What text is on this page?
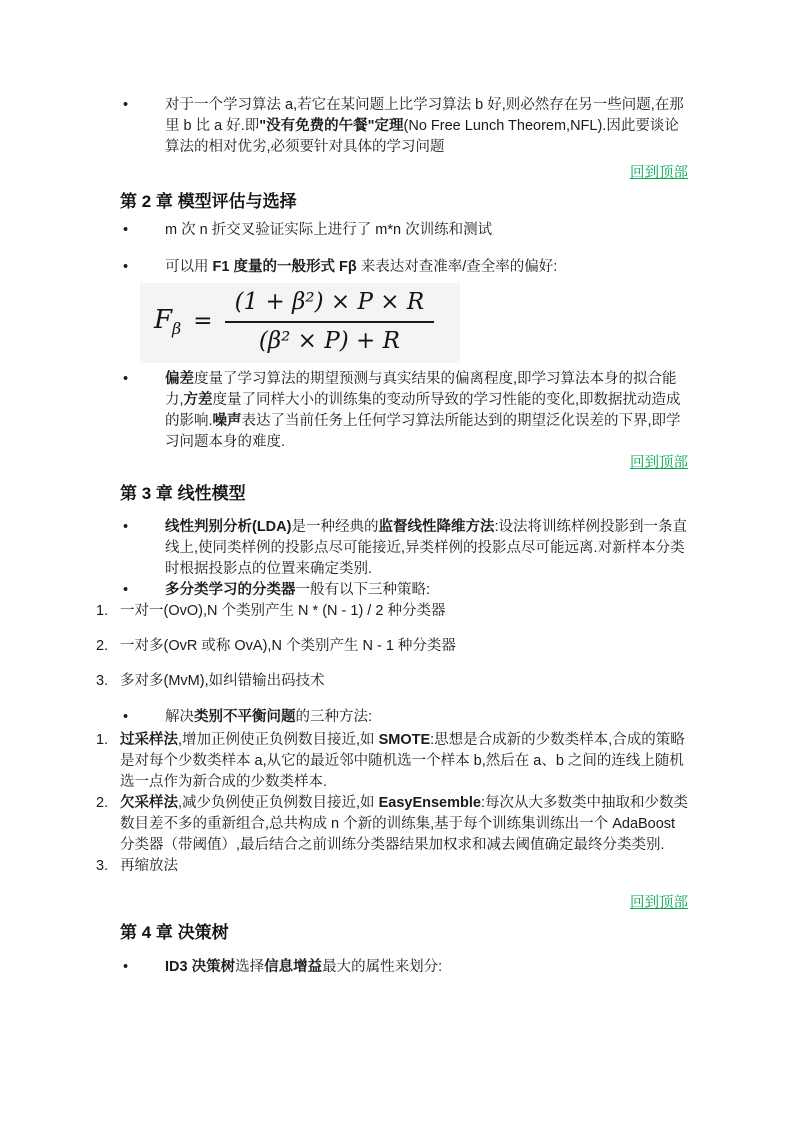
•	对于一个学习算法 a,若它在某问题上比学习算法 b 好,则必然存在另一些问题,在那里 b 比 a 好.即"没有免费的午餐"定理(No Free Lunch Theorem,NFL).因此要谈论算法的相对优劣,必须要针对具体的学习问题
回到顶部
第 2 章 模型评估与选择
•	m 次 n 折交叉验证实际上进行了 m*n 次训练和测试
•	可以用 F1 度量的一般形式 Fβ 来表达对查准率/查全率的偏好:
$F_\beta = \frac{\text{(1 + β²) × P × R}}{\text{(β² × P) + R}}$
•	偏差度量了学习算法的期望预测与真实结果的偏离程度,即学习算法本身的拟合能力,方差度量了同样大小的训练集的变动所导致的学习性能的变化,即数据扰动造成的影响.噪声表达了当前任务上任何学习算法所能达到的期望泛化误差的下界,即学习问题本身的难度.
回到顶部
第 3 章 线性模型
•	线性判别分析(LDA)是一种经典的监督线性降维方法:设法将训练样例投影到一条直线上,使同类样例的投影点尽可能接近,异类样例的投影点尽可能远离.对新样本分类时根据投影点的位置来确定类别.
•	多分类学习的分类器一般有以下三种策略:
1. 一对一(OvO),N 个类别产生 N * (N - 1) / 2 种分类器
2. 一对多(OvR 或称 OvA),N 个类别产生 N - 1 种分类器
3. 多对多(MvM),如纠错输出码技术
•	解决类别不平衡问题的三种方法:
1. 过采样法,增加正例使正负例数目接近,如 SMOTE:思想是合成新的少数类样本,合成的策略是对每个少数类样本 a,从它的最近邻中随机选一个样本 b,然后在 a、b 之间的连线上随机选一点作为新合成的少数类样本.
2. 欠采样法,减少负例使正负例数目接近,如 EasyEnsemble:每次从大多数类中抽取和少数类数目差不多的重新组合,总共构成 n 个新的训练集,基于每个训练集训练出一个 AdaBoost 分类器（带阈值）,最后结合之前训练分类器结果加权求和减去阈值确定最终分类类别.
3. 再缩放法
回到顶部
第 4 章 决策树
•	ID3 决策树选择信息增益最大的属性来划分:
